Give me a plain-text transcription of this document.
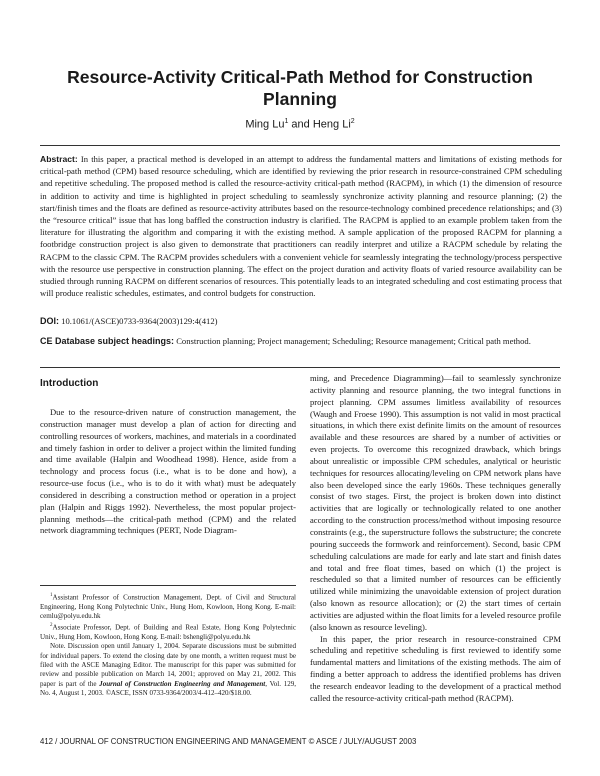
Resource-Activity Critical-Path Method for Construction Planning
Ming Lu$^1$ and Heng Li$^2$
Abstract: In this paper, a practical method is developed in an attempt to address the fundamental matters and limitations of existing methods for critical-path method (CPM) based resource scheduling, which are identified by reviewing the prior research in resource-constrained CPM scheduling and repetitive scheduling. The proposed method is called the resource-activity critical-path method (RACPM), in which (1) the dimension of resource in addition to activity and time is highlighted in project scheduling to seamlessly synchronize activity planning and resource planning; (2) the start/finish times and the floats are defined as resource-activity attributes based on the resource-technology combined precedence relationships; and (3) the “resource critical” issue that has long baffled the construction industry is clarified. The RACPM is applied to an example problem taken from the literature for illustrating the algorithm and comparing it with the existing method. A sample application of the proposed RACPM for planning a footbridge construction project is also given to demonstrate that practitioners can readily interpret and utilize a RACPM schedule by relating the RACPM to the classic CPM. The RACPM provides schedulers with a convenient vehicle for seamlessly integrating the technology/process perspective with the resource use perspective in construction planning. The effect on the project duration and activity floats of varied resource availability can be studied through running RACPM on different scenarios of resources. This potentially leads to an integrated scheduling and cost estimating process that will produce realistic schedules, estimates, and control budgets for construction.
DOI: 10.1061/(ASCE)0733-9364(2003)129:4(412)
CE Database subject headings: Construction planning; Project management; Scheduling; Resource management; Critical path method.
Introduction

Due to the resource-driven nature of construction management, the construction manager must develop a plan of action for directing and controlling resources of workers, machines, and materials in a coordinated and timely fashion in order to deliver a project within the limited funding and time available (Halpin and Woodhead 1998). Hence, aside from a technology and process focus (i.e., what is to be done and how), a resource-use focus (i.e., who is to do it with what) must be adequately considered in describing a construction method or operation in a project plan (Halpin and Riggs 1992). Nevertheless, the most popular project-planning methods—the critical-path method (CPM) and the related network diagramming techniques (PERT, Node Diagram-

$^1$Assistant Professor of Construction Management, Dept. of Civil and Structural Engineering, Hong Kong Polytechnic Univ., Hung Hom, Kowloon, Hong Kong. E-mail: cemlu@polyu.edu.hk

$^2$Associate Professor, Dept. of Building and Real Estate, Hong Kong Polytechnic Univ., Hung Hom, Kowloon, Hong Kong. E-mail: bshengli@polyu.edu.hk

Note. Discussion open until January 1, 2004. Separate discussions must be submitted for individual papers. To extend the closing date by one month, a written request must be filed with the ASCE Managing Editor. The manuscript for this paper was submitted for review and possible publication on March 14, 2001; approved on May 21, 2002. This paper is part of the Journal of Construction Engineering and Management, Vol. 129, No. 4, August 1, 2003. ©ASCE, ISSN 0733-9364/2003/4-412–420/$18.00.

ming, and Precedence Diagramming)—fail to seamlessly synchronize activity planning and resource planning, the two integral functions in project planning. CPM assumes limitless availability of resources (Waugh and Froese 1990). This assumption is not valid in most practical situations, in which there exist definite limits on the amount of resources available and these resources are shared by a number of activities or even projects. To overcome this recognized drawback, which brings about unrealistic or impossible CPM schedules, analytical or heuristic techniques for resources allocating/leveling on CPM network plans have also been developed since the early 1960s. These techniques generally consist of two stages. First, the project is broken down into distinct activities that are logically or technologically related to one another according to the construction process/method without imposing resource constraints (e.g., the superstructure follows the substructure; the concrete pouring succeeds the formwork and reinforcement). Second, basic CPM scheduling calculations are made for early and late start and finish dates and total and free float times, based on which (1) the project is rescheduled so that a limited number of resources can be efficiently utilized while minimizing the unavoidable extension of project duration (also known as resource allocation); or (2) the start times of certain activities are adjusted within the float limits for a leveled resource profile (also known as resource leveling).

In this paper, the prior research in resource-constrained CPM scheduling and repetitive scheduling is first reviewed to identify some fundamental matters and limitations of the existing methods. The aim of finding a better approach to address the identified problems has driven the research endeavor leading to the development of a practical method called the resource-activity critical-path method (RACPM).

412 / JOURNAL OF CONSTRUCTION ENGINEERING AND MANAGEMENT © ASCE / JULY/AUGUST 2003
